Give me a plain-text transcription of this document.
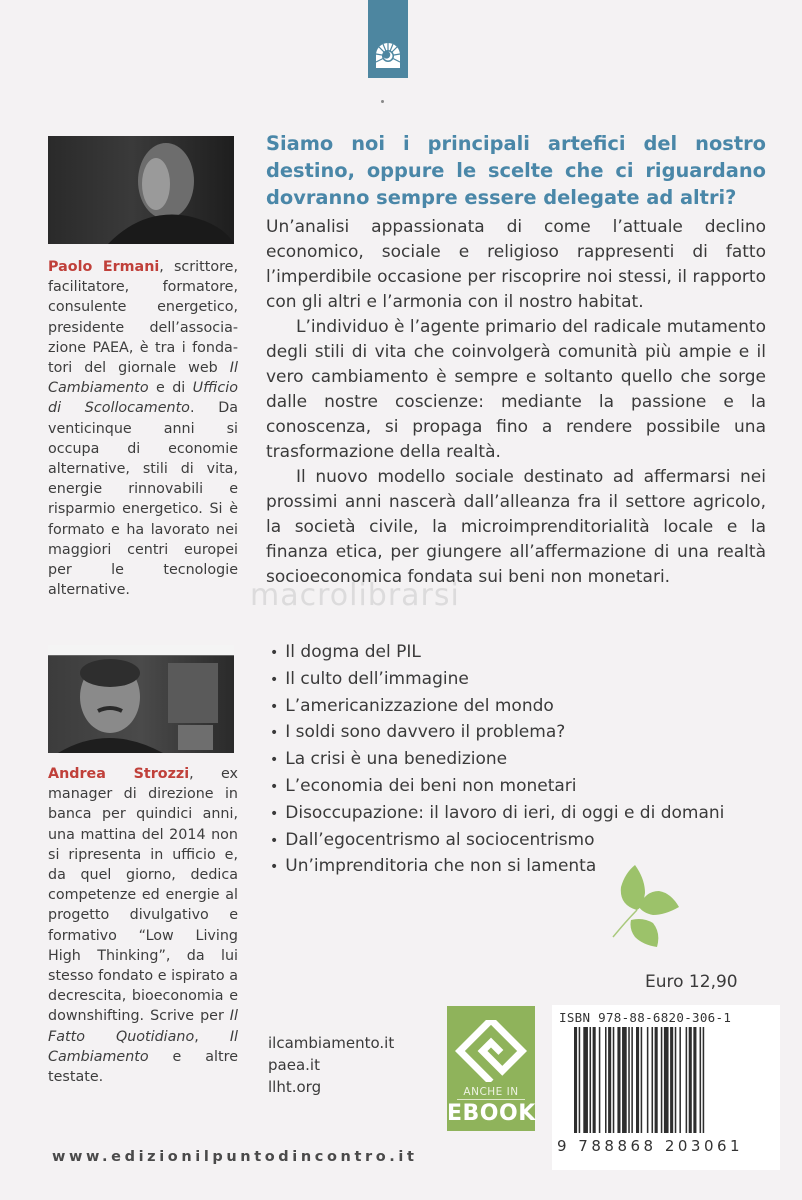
Paolo Ermani, scrittore, facilitatore, formatore, consulente energetico, presidente dell’associazione PAEA, è tra i fondatori del giornale web Il Cambiamento e di Ufficio di Scollocamento. Da venticinque anni si occupa di economie alternative, stili di vita, energie rinnovabili e risparmio energetico. Si è formato e ha lavorato nei maggiori centri europei per le tecnologie alternative.
Andrea Strozzi, ex manager di direzione in banca per quindici anni, una mattina del 2014 non si ripresenta in ufficio e, da quel giorno, dedica competenze ed energie al progetto divulgativo e formativo “Low Living High Thinking”, da lui stesso fondato e ispirato a decrescita, bioeconomia e downshifting. Scrive per Il Fatto Quotidiano, Il Cambiamento e altre testate.
Siamo noi i principali artefici del nostro destino, oppure le scelte che ci riguardano dovranno sempre essere delegate ad altri?
Un’analisi appassionata di come l’attuale declino economico, sociale e religioso rappresenti di fatto l’imperdibile occasione per riscoprire noi stessi, il rapporto con gli altri e l’armonia con il nostro habitat.
L’individuo è l’agente primario del radicale mutamento degli stili di vita che coinvolgerà comunità più ampie e il vero cambiamento è sempre e soltanto quello che sorge dalle nostre coscienze: mediante la passione e la conoscenza, si propaga fino a rendere possibile una trasformazione della realtà.
Il nuovo modello sociale destinato ad affermarsi nei prossimi anni nascerà dall’alleanza fra il settore agricolo, la società civile, la microimprenditorialità locale e la finanza etica, per giungere all’affermazione di una realtà socioeconomica fondata sui beni non monetari.
macrolibrarsi
• Il dogma del PIL
• Il culto dell’immagine
• L’americanizzazione del mondo
• I soldi sono davvero il problema?
• La crisi è una benedizione
• L’economia dei beni non monetari
• Disoccupazione: il lavoro di ieri, di oggi e di domani
• Dall’egocentrismo al sociocentrismo
• Un’imprenditoria che non si lamenta
Euro 12,90
ISBN 978-88-6820-306-1
9 788868 203061
ilcambiamento.it
paea.it
llht.org	ANCHE IN
EBOOK
www.edizionilpuntodincontro.it
